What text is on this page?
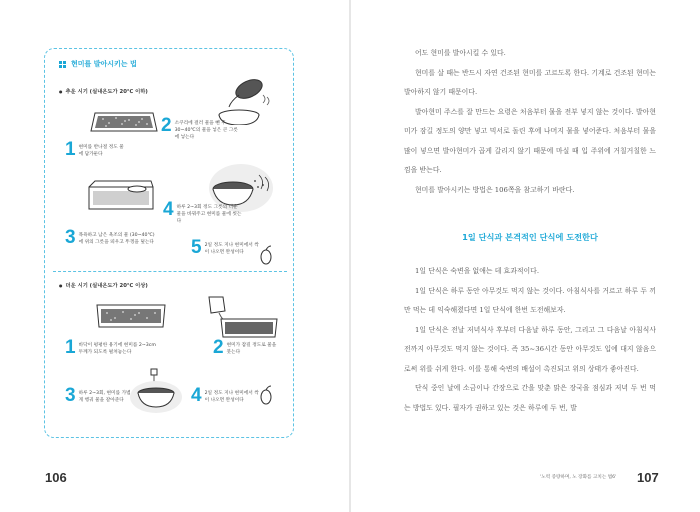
현미를 발아시키는 법
● 추운 시기 (실내온도가 20℃ 이하)
1 현미를 반나절 정도 물에 담가둔다
2 소쿠리에 걸러 물을 뺀 후 30~40℃의 물을 넣은 큰 그릇에 넣는다
3 목욕하고 남은 욕조의 물 (30~40℃)에 위의 그릇을 띄우고 뚜껑을 덮는다
4 하루 2~3회 정도 그릇의 더운 물을 바꿔주고 현미를 물에 씻는다
5 2일 정도 지나 현미에서 싹이 나오면 완성이다
● 더운 시기 (실내온도가 20℃ 이상)
1 바닥이 평평한 용기에 현미를 2~3cm 두께가 되도록 펼쳐놓는다	2 현미가 잠길 정도로 물을 붓는다
3 하루 2~3회, 현미를 가볍게 헹궈 물을 갈아준다	4 2일 정도 지나 현미에서 싹이 나오면 완성이다
106

어도 현미를 발아시킬 수 있다.

현미를 살 때는 반드시 자연 건조된 현미를 고르도록 한다. 기계로 건조된 현미는 발아하지 않기 때문이다.

발아현미 주스를 잘 만드는 요령은 처음부터 물을 전부 넣지 않는 것이다. 발아현미가 잠길 정도의 양만 넣고 믹서로 돌린 후에 나머지 물을 넣어준다. 처음부터 물을 많이 넣으면 발아현미가 곱게 갈리지 않기 때문에 마실 때 입 주위에 거칠거칠한 느낌을 받는다.

현미를 발아시키는 방법은 106쪽을 참고하기 바란다.

1일 단식과 본격적인 단식에 도전한다

1일 단식은 숙변을 없애는 데 효과적이다.

1일 단식은 하루 동안 아무것도 먹지 않는 것이다. 아침식사를 거르고 하루 두 끼만 먹는 데 익숙해졌다면 1일 단식에 한번 도전해보자.

1일 단식은 전날 저녁식사 후부터 다음날 하루 동안, 그리고 그 다음날 아침식사 전까지 아무것도 먹지 않는 것이다. 즉 35~36시간 동안 아무것도 입에 대지 않음으로써 위를 쉬게 한다. 이를 통해 숙변의 배설이 촉진되고 위의 상태가 좋아진다.

단식 중인 날에 소금이나 간장으로 간을 맞춘 맑은 장국을 점심과 저녁 두 번 먹는 방법도 있다. 필자가 권하고 있는 것은 하루에 두 번, 발

'노력 증량하며, 노 장화를 고치는 법6' 107
